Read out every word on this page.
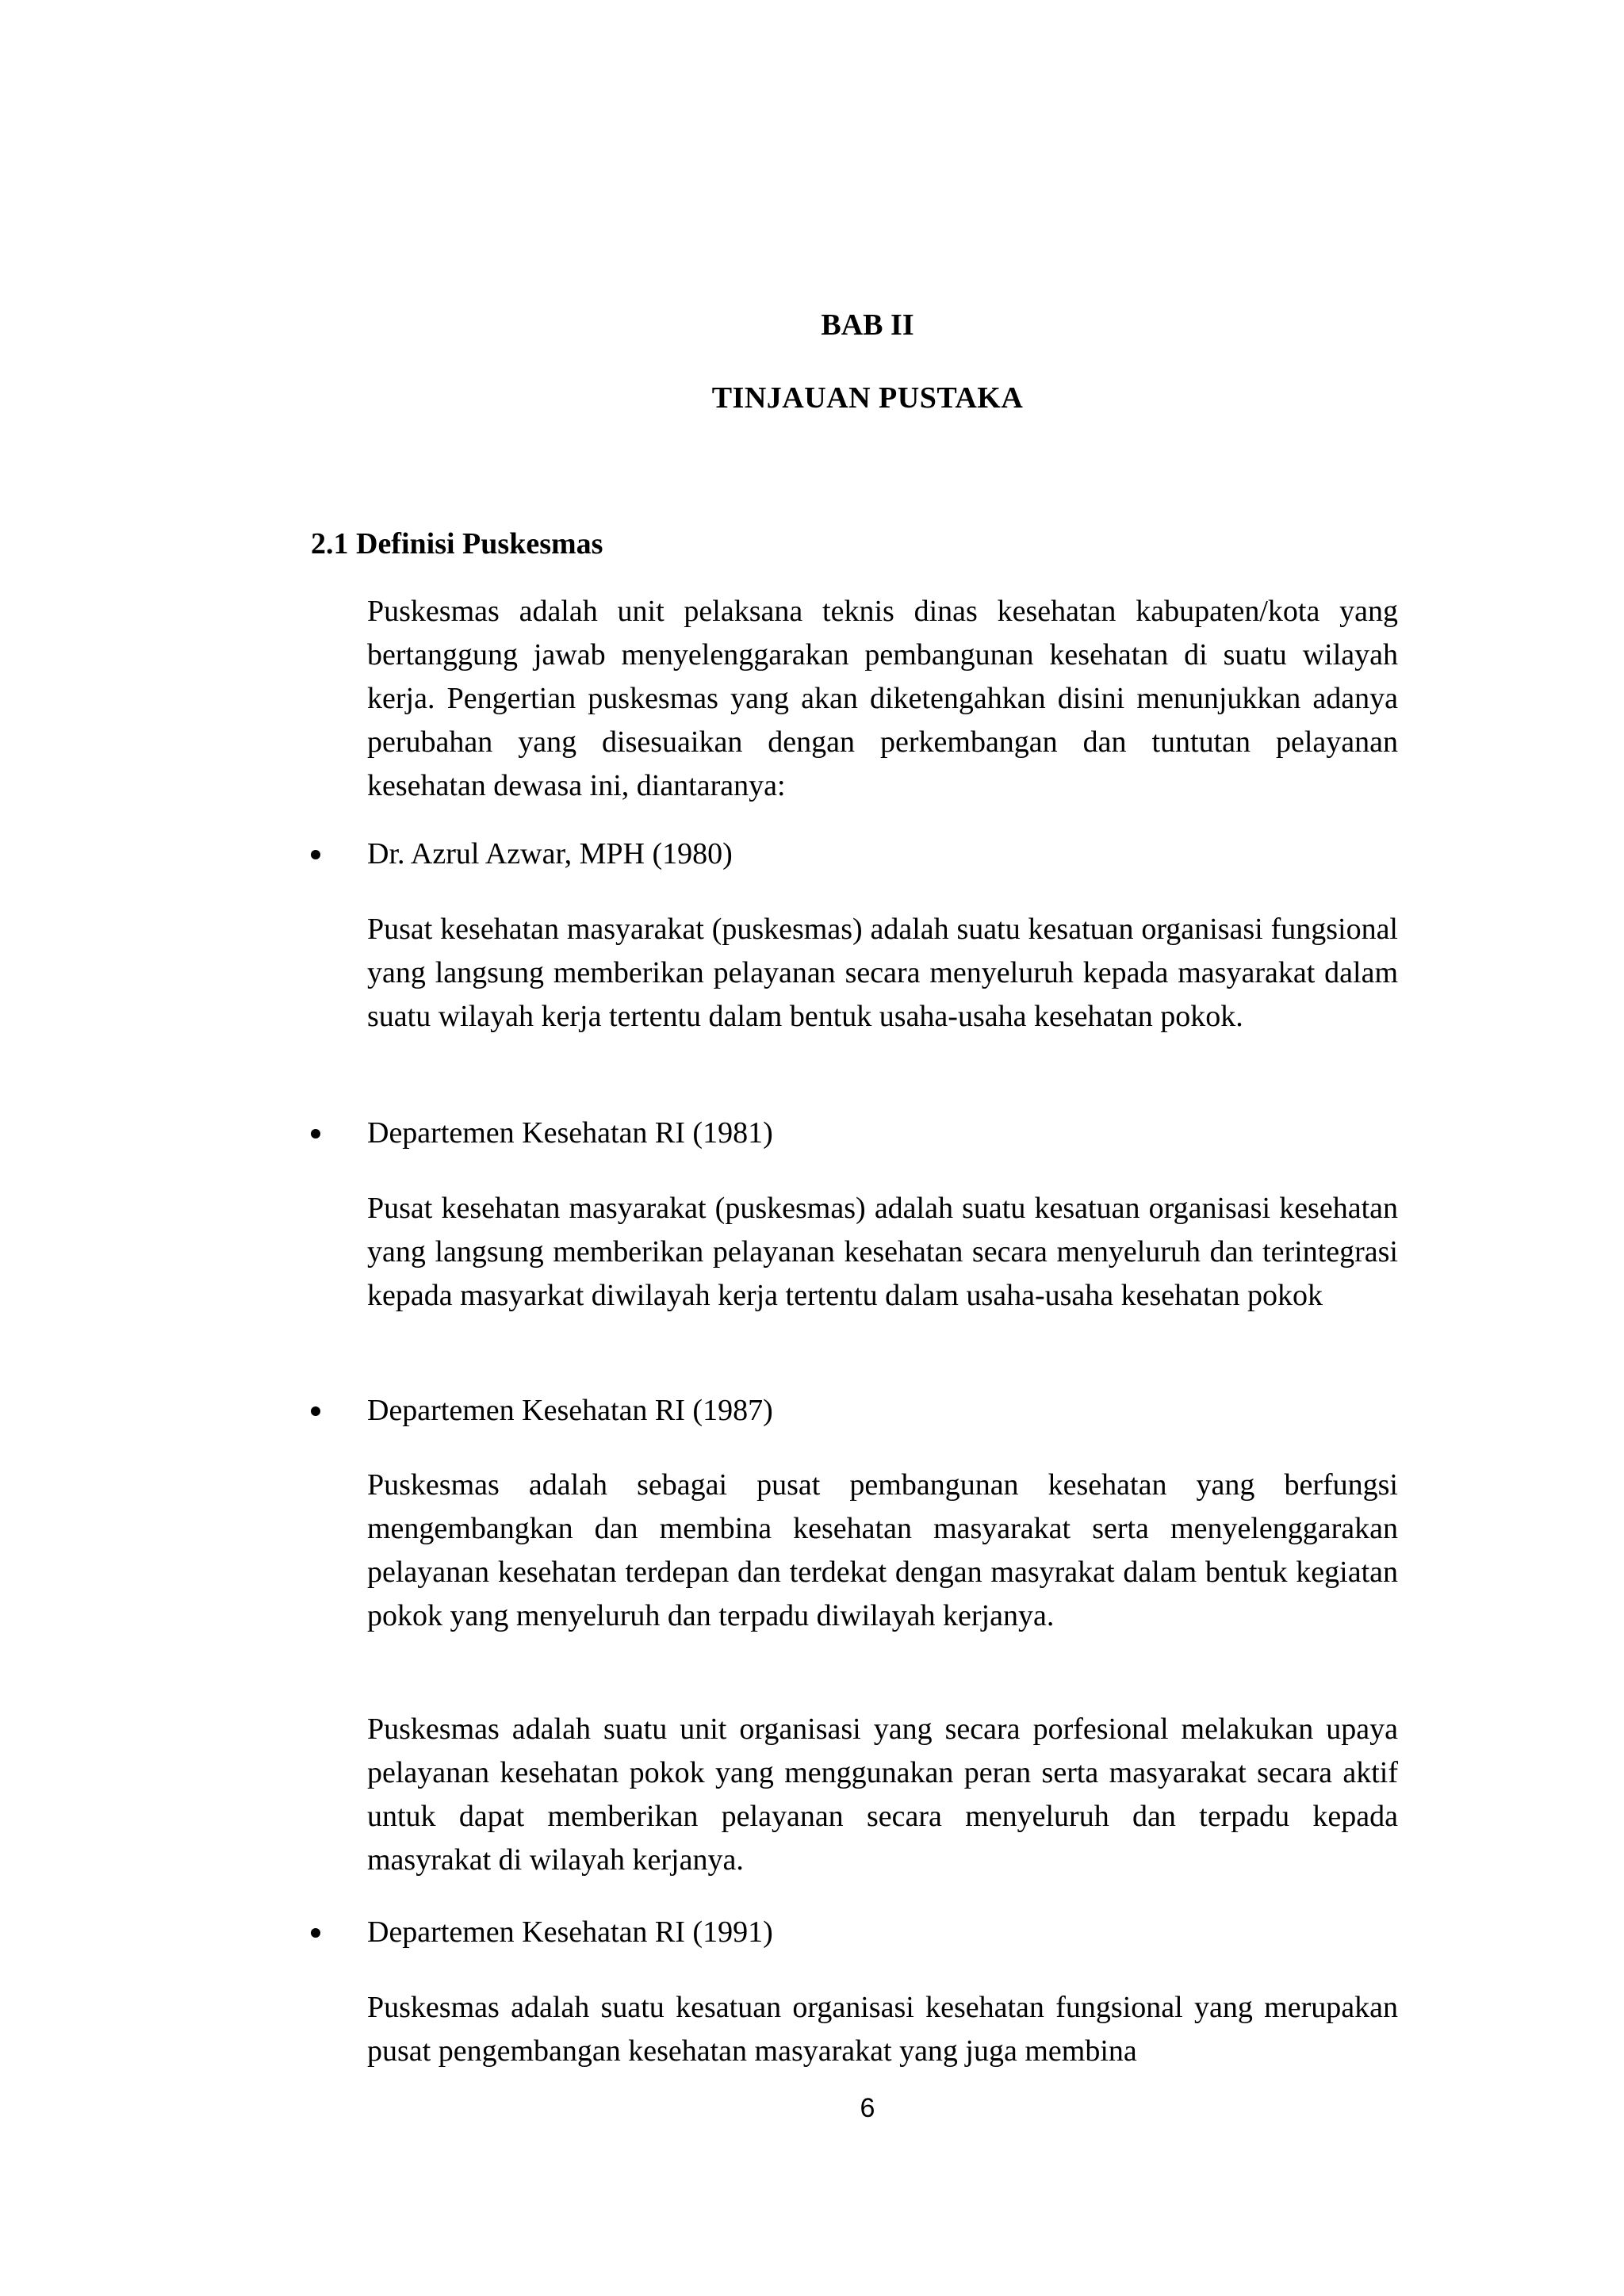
BAB II
TINJAUAN PUSTAKA
2.1 Definisi Puskesmas

Puskesmas adalah unit pelaksana teknis dinas kesehatan kabupaten/kota yang bertanggung jawab menyelenggarakan pembangunan kesehatan di suatu wilayah kerja. Pengertian puskesmas yang akan diketengahkan disini menunjukkan adanya perubahan yang disesuaikan dengan perkembangan dan tuntutan pelayanan kesehatan dewasa ini, diantaranya:

Dr. Azrul Azwar, MPH (1980)

Pusat kesehatan masyarakat (puskesmas) adalah suatu kesatuan organisasi fungsional yang langsung memberikan pelayanan secara menyeluruh kepada masyarakat dalam suatu wilayah kerja tertentu dalam bentuk usaha-usaha kesehatan pokok.

Departemen Kesehatan RI (1981)

Pusat kesehatan masyarakat (puskesmas) adalah suatu kesatuan organisasi kesehatan yang langsung memberikan pelayanan kesehatan secara menyeluruh dan terintegrasi kepada masyarkat diwilayah kerja tertentu dalam usaha-usaha kesehatan pokok

Departemen Kesehatan RI (1987)

Puskesmas adalah sebagai pusat pembangunan kesehatan yang berfungsi mengembangkan dan membina kesehatan masyarakat serta menyelenggarakan pelayanan kesehatan terdepan dan terdekat dengan masyrakat dalam bentuk kegiatan pokok yang menyeluruh dan terpadu diwilayah kerjanya.

Puskesmas adalah suatu unit organisasi yang secara porfesional melakukan upaya pelayanan kesehatan pokok yang menggunakan peran serta masyarakat secara aktif untuk dapat memberikan pelayanan secara menyeluruh dan terpadu kepada masyrakat di wilayah kerjanya.

Departemen Kesehatan RI (1991)

Puskesmas adalah suatu kesatuan organisasi kesehatan fungsional yang merupakan pusat pengembangan kesehatan masyarakat yang juga membina

6
